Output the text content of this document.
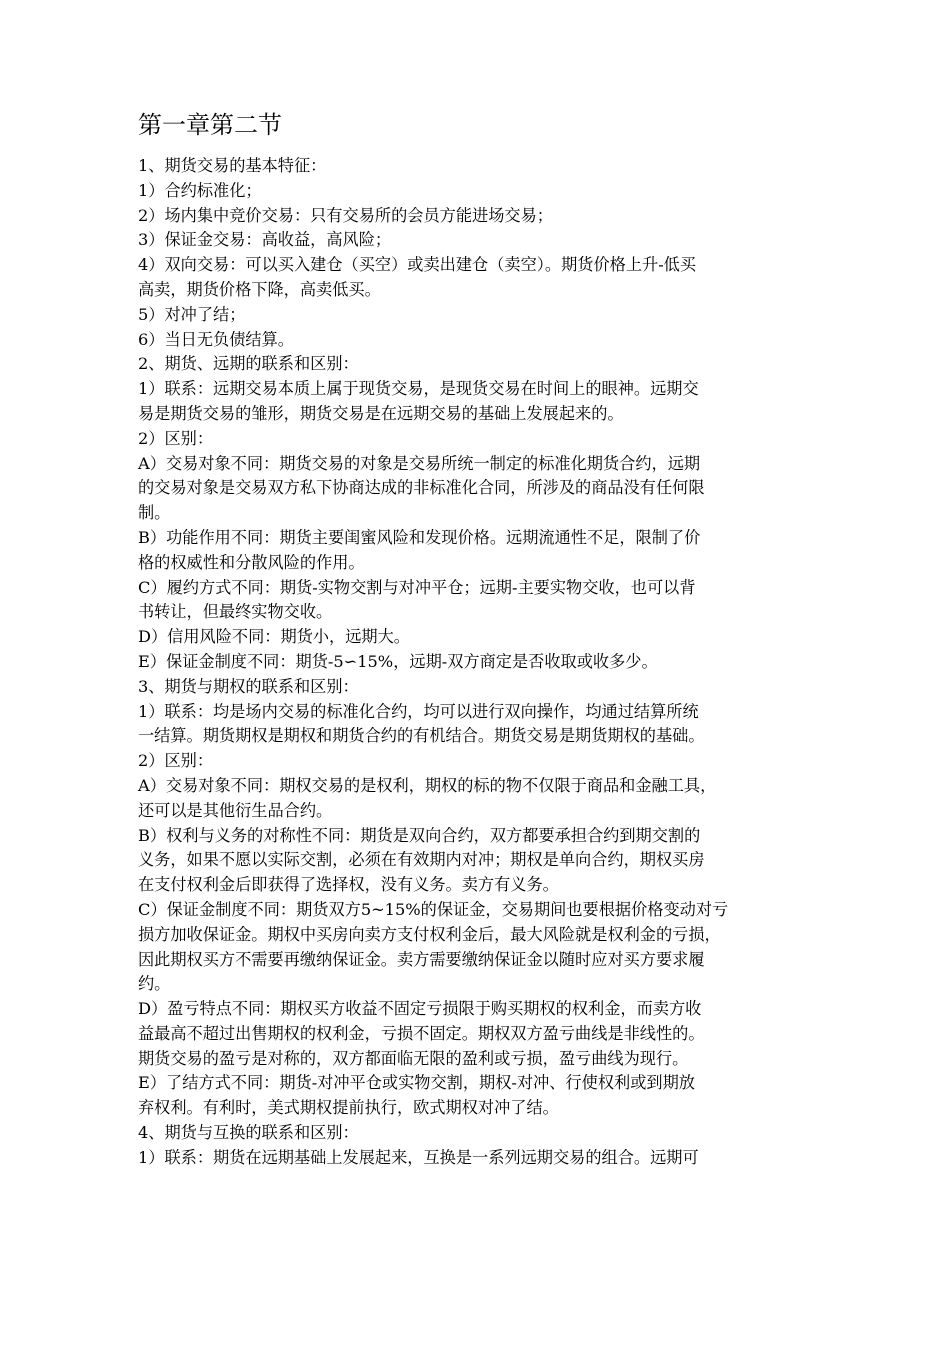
第一章第二节
1、期货交易的基本特征：
1）合约标准化；
2）场内集中竞价交易：只有交易所的会员方能进场交易；
3）保证金交易：高收益，高风险；
4）双向交易：可以买入建仓（买空）或卖出建仓（卖空）。期货价格上升-低买
高卖，期货价格下降，高卖低买。
5）对冲了结；
6）当日无负债结算。
2、期货、远期的联系和区别：
1）联系：远期交易本质上属于现货交易，是现货交易在时间上的眼神。远期交
易是期货交易的雏形，期货交易是在远期交易的基础上发展起来的。
2）区别：
A）交易对象不同：期货交易的对象是交易所统一制定的标准化期货合约，远期
的交易对象是交易双方私下协商达成的非标准化合同，所涉及的商品没有任何限
制。
B）功能作用不同：期货主要闺蜜风险和发现价格。远期流通性不足，限制了价
格的权威性和分散风险的作用。
C）履约方式不同：期货-实物交割与对冲平仓；远期-主要实物交收，也可以背
书转让，但最终实物交收。
D）信用风险不同：期货小，远期大。
E）保证金制度不同：期货-5∽15%，远期-双方商定是否收取或收多少。
3、期货与期权的联系和区别：
1）联系：均是场内交易的标准化合约，均可以进行双向操作，均通过结算所统
一结算。期货期权是期权和期货合约的有机结合。期货交易是期货期权的基础。
2）区别：
A）交易对象不同：期权交易的是权利，期权的标的物不仅限于商品和金融工具，
还可以是其他衍生品合约。
B）权利与义务的对称性不同：期货是双向合约，双方都要承担合约到期交割的
义务，如果不愿以实际交割，必须在有效期内对冲；期权是单向合约，期权买房
在支付权利金后即获得了选择权，没有义务。卖方有义务。
C）保证金制度不同：期货双方5~15%的保证金，交易期间也要根据价格变动对亏
损方加收保证金。期权中买房向卖方支付权利金后，最大风险就是权利金的亏损，
因此期权买方不需要再缴纳保证金。卖方需要缴纳保证金以随时应对买方要求履
约。
D）盈亏特点不同：期权买方收益不固定亏损限于购买期权的权利金，而卖方收
益最高不超过出售期权的权利金，亏损不固定。期权双方盈亏曲线是非线性的。
期货交易的盈亏是对称的，双方都面临无限的盈利或亏损，盈亏曲线为现行。
E）了结方式不同：期货-对冲平仓或实物交割，期权-对冲、行使权利或到期放
弃权利。有利时，美式期权提前执行，欧式期权对冲了结。
4、期货与互换的联系和区别：
1）联系：期货在远期基础上发展起来，互换是一系列远期交易的组合。远期可
